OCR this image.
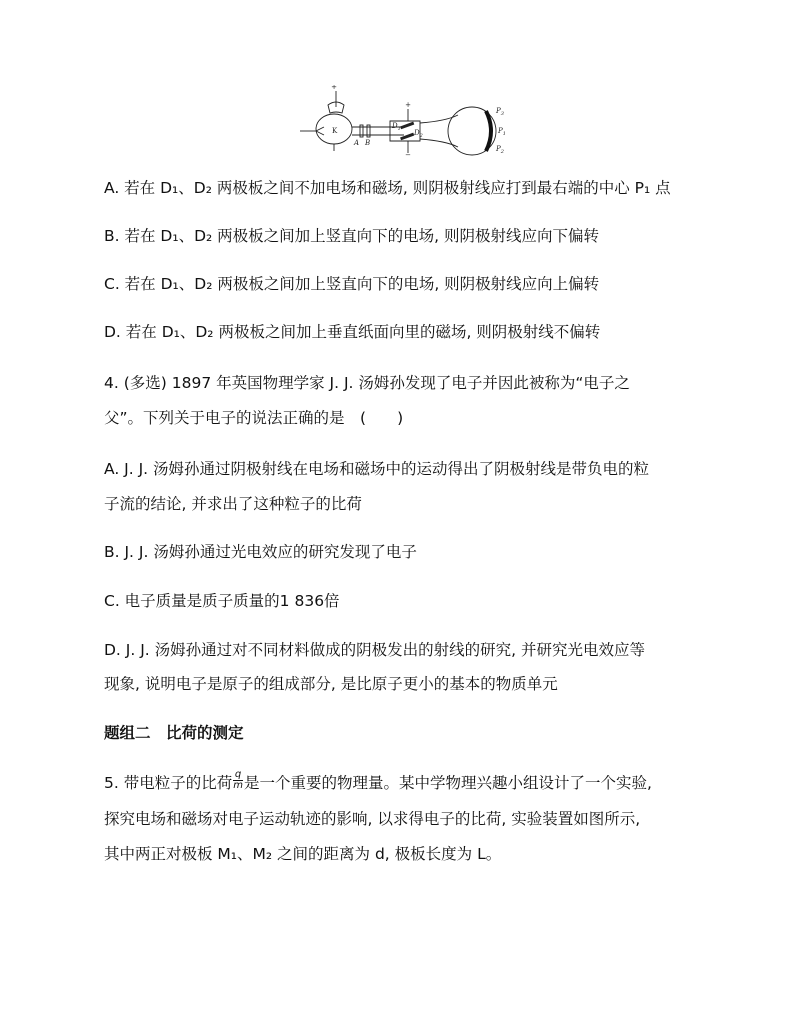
+
K
A B
$D_1$ $D_2$
$P_3$
$P_1$
$P_2$
+
−
A. 若在 D₁、D₂ 两极板之间不加电场和磁场, 则阴极射线应打到最右端的中心 P₁ 点
B. 若在 D₁、D₂ 两极板之间加上竖直向下的电场, 则阴极射线应向下偏转
C. 若在 D₁、D₂ 两极板之间加上竖直向下的电场, 则阴极射线应向上偏转
D. 若在 D₁、D₂ 两极板之间加上垂直纸面向里的磁场, 则阴极射线不偏转
4. (多选) 1897 年英国物理学家 J. J. 汤姆孙发现了电子并因此被称为“电子之
父”。下列关于电子的说法正确的是　(　　)
A. J. J. 汤姆孙通过阴极射线在电场和磁场中的运动得出了阴极射线是带负电的粒
子流的结论, 并求出了这种粒子的比荷
B. J. J. 汤姆孙通过光电效应的研究发现了电子
C. 电子质量是质子质量的1 836倍
D. J. J. 汤姆孙通过对不同材料做成的阴极发出的射线的研究, 并研究光电效应等
现象, 说明电子是原子的组成部分, 是比原子更小的基本的物质单元
题组二　比荷的测定
5. 带电粒子的比荷 $\frac{q}{m}$ 是一个重要的物理量。某中学物理兴趣小组设计了一个实验,
探究电场和磁场对电子运动轨迹的影响, 以求得电子的比荷, 实验装置如图所示,
其中两正对极板 M₁、M₂ 之间的距离为 d, 极板长度为 L。
